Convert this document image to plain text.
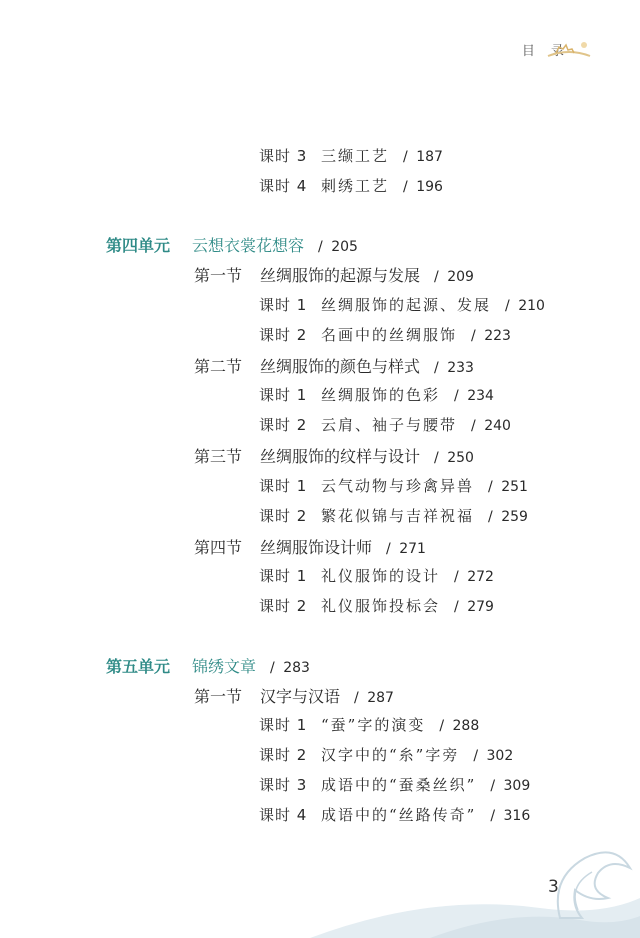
目 录
课时 3 三缬工艺 / 187
课时 4 刺绣工艺 / 196
第四单元 云想衣裳花想容 / 205
第一节 丝绸服饰的起源与发展 / 209
课时 1 丝绸服饰的起源、发展 / 210
课时 2 名画中的丝绸服饰 / 223
第二节 丝绸服饰的颜色与样式 / 233
课时 1 丝绸服饰的色彩 / 234
课时 2 云肩、袖子与腰带 / 240
第三节 丝绸服饰的纹样与设计 / 250
课时 1 云气动物与珍禽异兽 / 251
课时 2 繁花似锦与吉祥祝福 / 259
第四节 丝绸服饰设计师 / 271
课时 1 礼仪服饰的设计 / 272
课时 2 礼仪服饰投标会 / 279
第五单元 锦绣文章 / 283
第一节 汉字与汉语 / 287
课时 1 “蚕”字的演变 / 288
课时 2 汉字中的“糸”字旁 / 302
课时 3 成语中的“蚕桑丝织” / 309
课时 4 成语中的“丝路传奇” / 316
3
